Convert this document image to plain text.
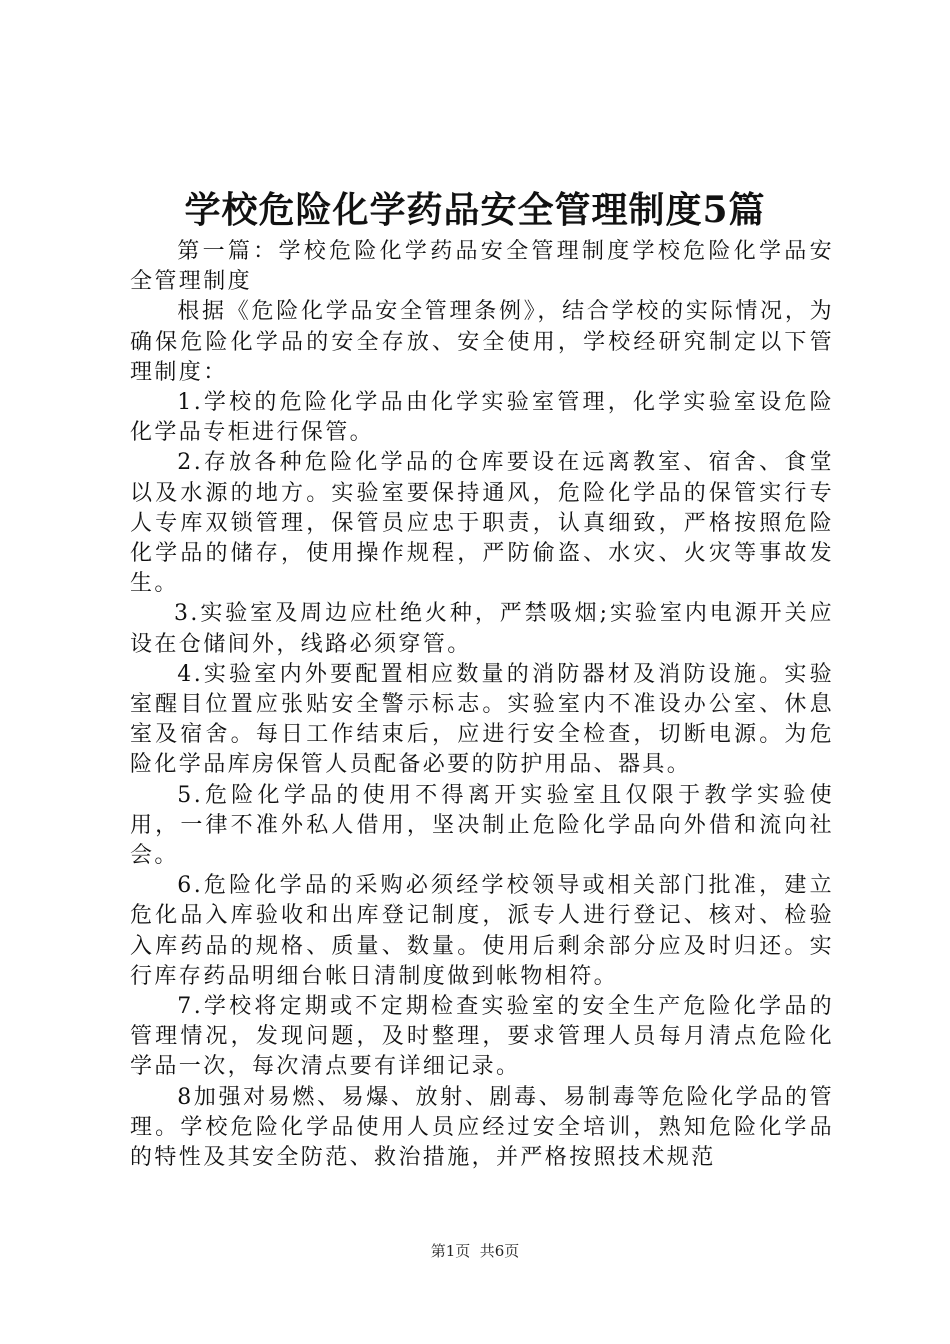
学校危险化学药品安全管理制度5篇

第一篇：学校危险化学药品安全管理制度学校危险化学品安全管理制度

根据《危险化学品安全管理条例》，结合学校的实际情况，为确保危险化学品的安全存放、安全使用，学校经研究制定以下管理制度：

1.学校的危险化学品由化学实验室管理，化学实验室设危险化学品专柜进行保管。

2.存放各种危险化学品的仓库要设在远离教室、宿舍、食堂以及水源的地方。实验室要保持通风，危险化学品的保管实行专人专库双锁管理，保管员应忠于职责，认真细致，严格按照危险化学品的储存，使用操作规程，严防偷盗、水灾、火灾等事故发生。

3.实验室及周边应杜绝火种，严禁吸烟;实验室内电源开关应设在仓储间外，线路必须穿管。

4.实验室内外要配置相应数量的消防器材及消防设施。实验室醒目位置应张贴安全警示标志。实验室内不准设办公室、休息室及宿舍。每日工作结束后，应进行安全检查，切断电源。为危险化学品库房保管人员配备必要的防护用品、器具。

5.危险化学品的使用不得离开实验室且仅限于教学实验使用，一律不准外私人借用，坚决制止危险化学品向外借和流向社会。

6.危险化学品的采购必须经学校领导或相关部门批准，建立危化品入库验收和出库登记制度，派专人进行登记、核对、检验入库药品的规格、质量、数量。使用后剩余部分应及时归还。实行库存药品明细台帐日清制度做到帐物相符。

7.学校将定期或不定期检查实验室的安全生产危险化学品的管理情况，发现问题，及时整理，要求管理人员每月清点危险化学品一次，每次清点要有详细记录。

8加强对易燃、易爆、放射、剧毒、易制毒等危险化学品的管理。学校危险化学品使用人员应经过安全培训，熟知危险化学品的特性及其安全防范、救治措施，并严格按照技术规范

第1页  共6页
